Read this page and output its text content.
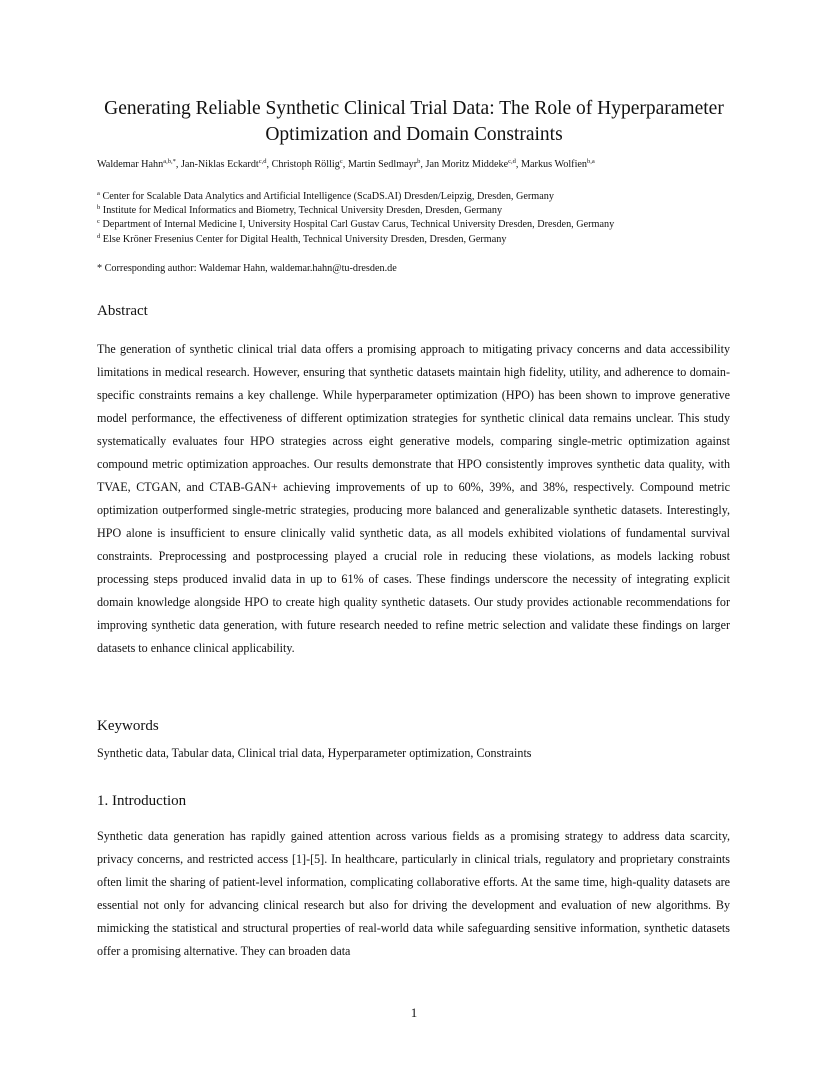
Generating Reliable Synthetic Clinical Trial Data: The Role of Hyperparameter Optimization and Domain Constraints
Waldemar Hahn$^{a,b,*}$, Jan-Niklas Eckardt$^{c,d}$, Christoph Röllig$^c$, Martin Sedlmayr$^b$, Jan Moritz Middeke$^{c,d}$, Markus Wolfien$^{b,a}$
$^a$ Center for Scalable Data Analytics and Artificial Intelligence (ScaDS.AI) Dresden/Leipzig, Dresden, Germany
$^b$ Institute for Medical Informatics and Biometry, Technical University Dresden, Dresden, Germany
$^c$ Department of Internal Medicine I, University Hospital Carl Gustav Carus, Technical University Dresden, Dresden, Germany
$^d$ Else Kröner Fresenius Center for Digital Health, Technical University Dresden, Dresden, Germany
* Corresponding author: Waldemar Hahn, waldemar.hahn@tu-dresden.de
Abstract

The generation of synthetic clinical trial data offers a promising approach to mitigating privacy concerns and data accessibility limitations in medical research. However, ensuring that synthetic datasets maintain high fidelity, utility, and adherence to domain-specific constraints remains a key challenge. While hyperparameter optimization (HPO) has been shown to improve generative model performance, the effectiveness of different optimization strategies for synthetic clinical data remains unclear. This study systematically evaluates four HPO strategies across eight generative models, comparing single-metric optimization against compound metric optimization approaches. Our results demonstrate that HPO consistently improves synthetic data quality, with TVAE, CTGAN, and CTAB-GAN+ achieving improvements of up to 60%, 39%, and 38%, respectively. Compound metric optimization outperformed single-metric strategies, producing more balanced and generalizable synthetic datasets. Interestingly, HPO alone is insufficient to ensure clinically valid synthetic data, as all models exhibited violations of fundamental survival constraints. Preprocessing and postprocessing played a crucial role in reducing these violations, as models lacking robust processing steps produced invalid data in up to 61% of cases. These findings underscore the necessity of integrating explicit domain knowledge alongside HPO to create high quality synthetic datasets. Our study provides actionable recommendations for improving synthetic data generation, with future research needed to refine metric selection and validate these findings on larger datasets to enhance clinical applicability.

Keywords
Synthetic data, Tabular data, Clinical trial data, Hyperparameter optimization, Constraints
1. Introduction

Synthetic data generation has rapidly gained attention across various fields as a promising strategy to address data scarcity, privacy concerns, and restricted access [1]-[5]. In healthcare, particularly in clinical trials, regulatory and proprietary constraints often limit the sharing of patient-level information, complicating collaborative efforts. At the same time, high-quality datasets are essential not only for advancing clinical research but also for driving the development and evaluation of new algorithms. By mimicking the statistical and structural properties of real-world data while safeguarding sensitive information, synthetic datasets offer a promising alternative. They can broaden data

1
